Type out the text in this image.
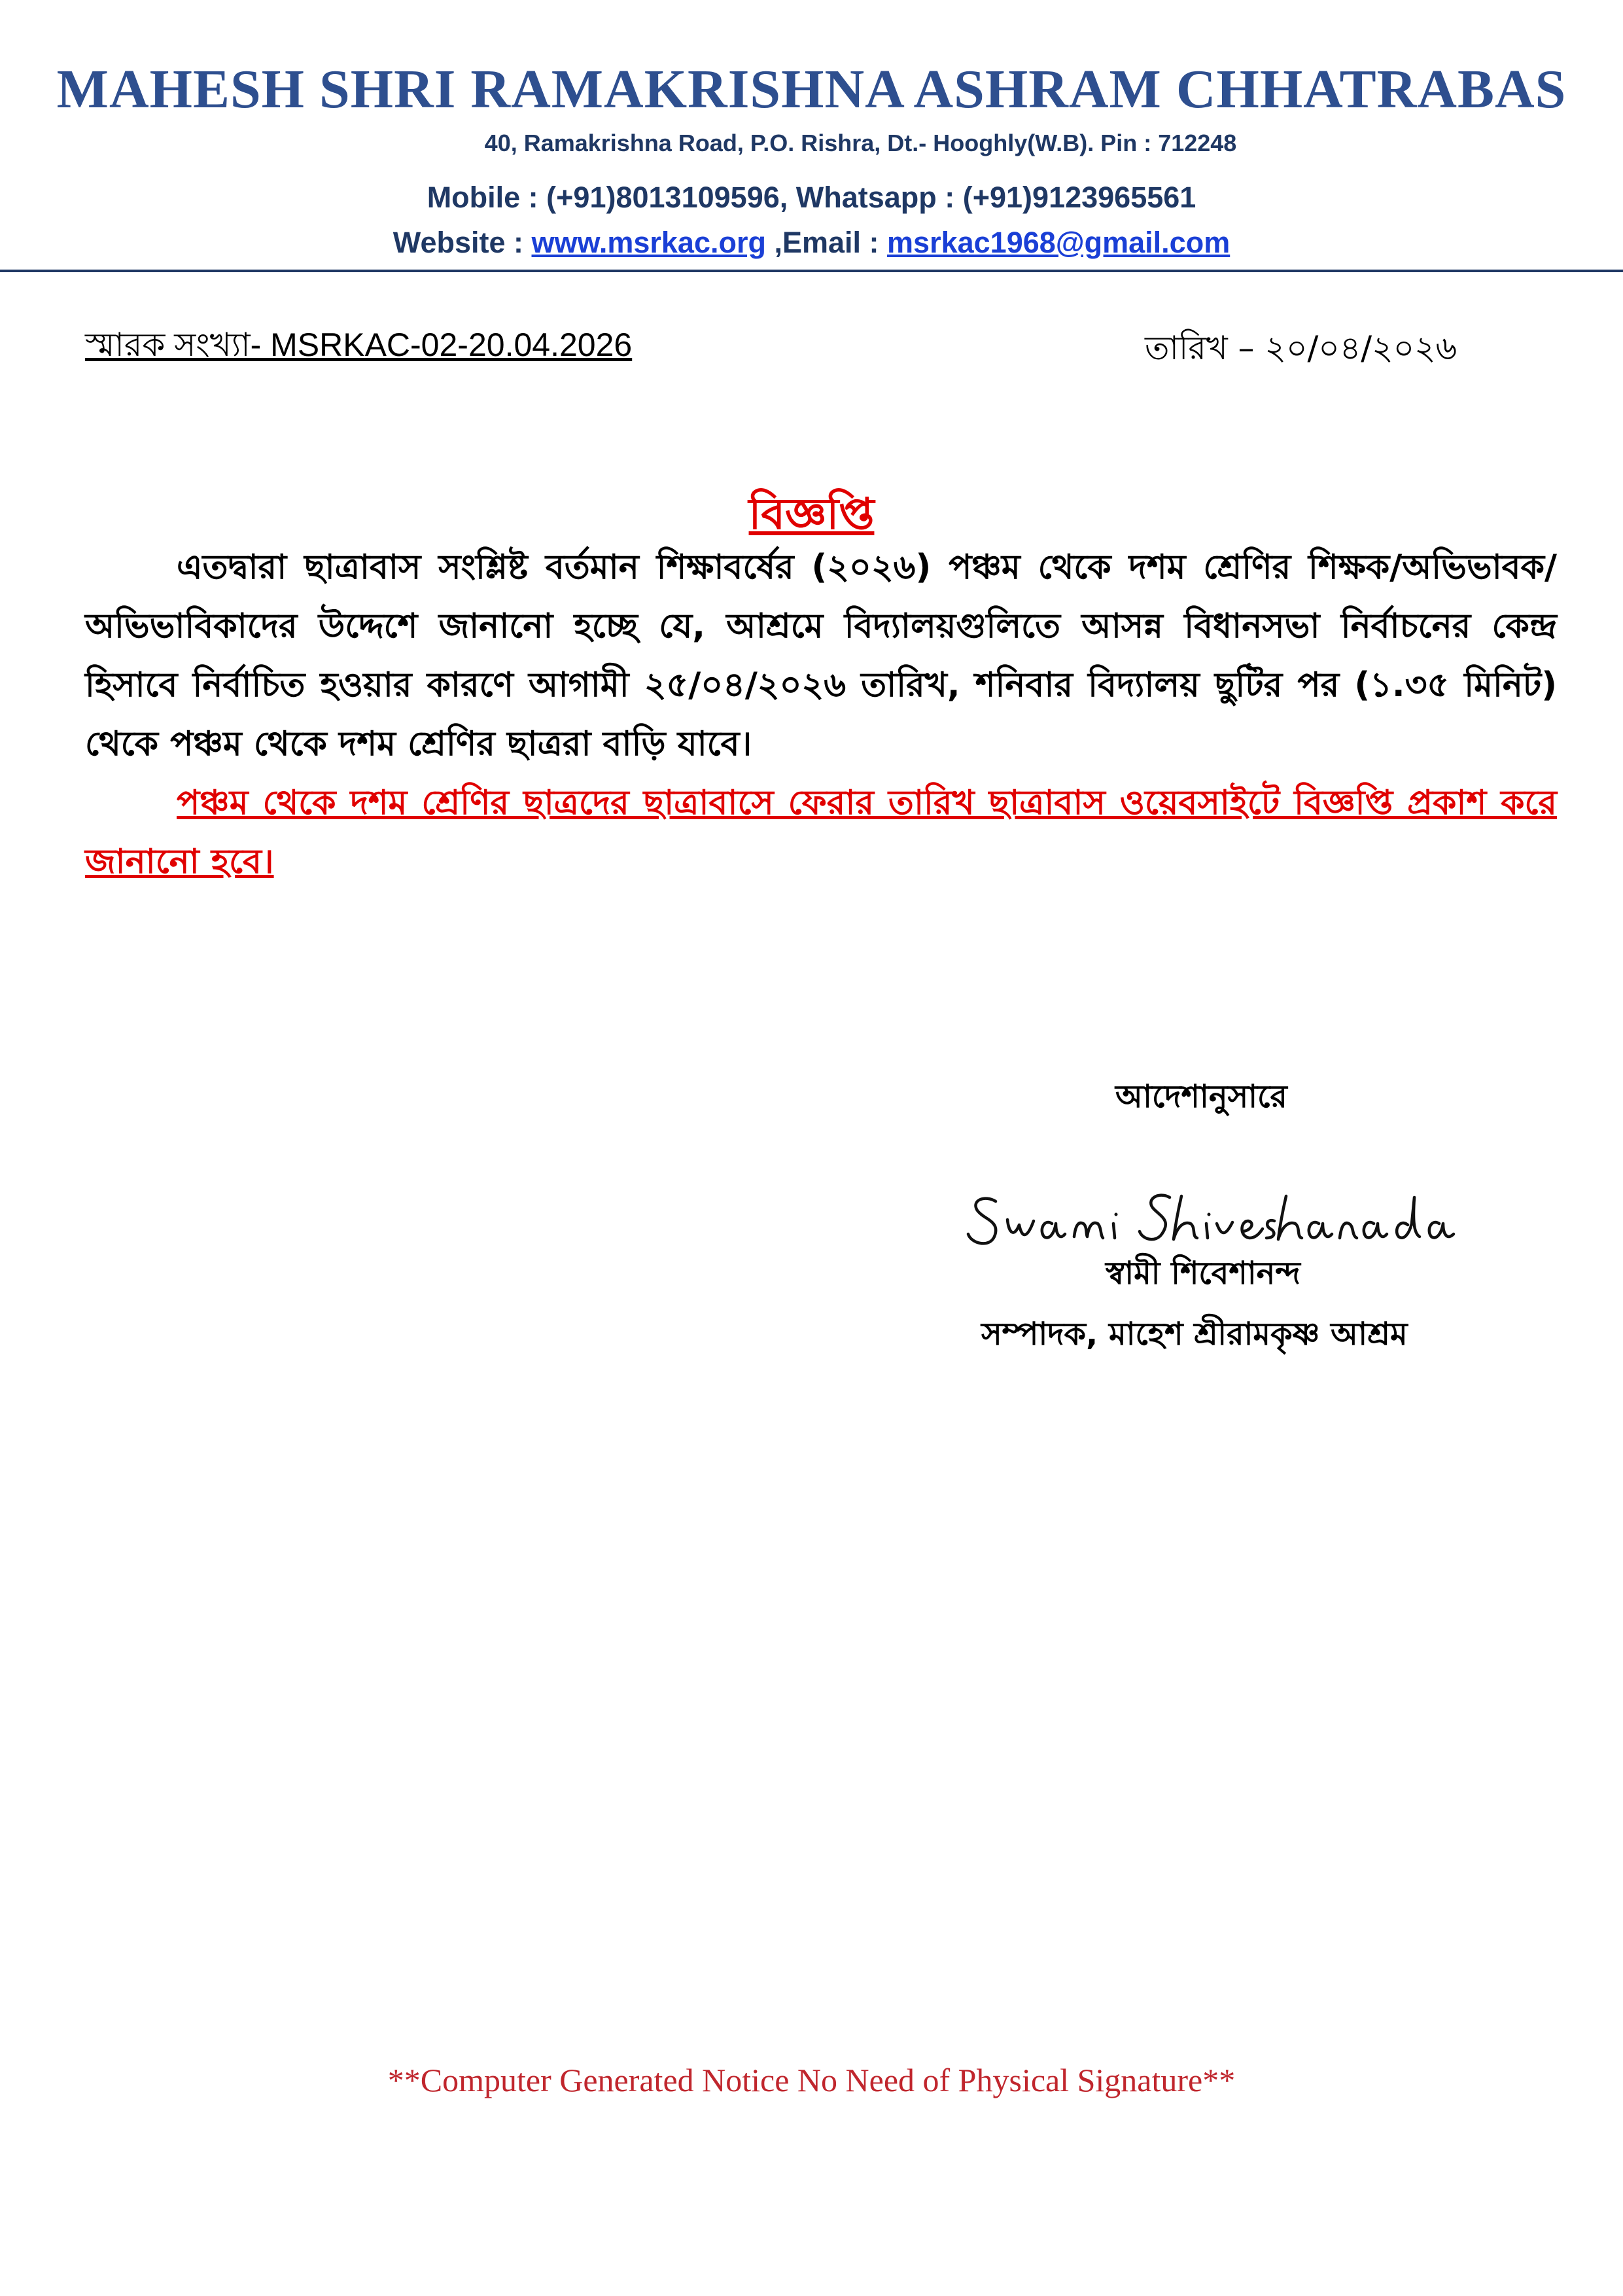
MAHESH SHRI RAMAKRISHNA ASHRAM CHHATRABAS
40, Ramakrishna Road, P.O. Rishra, Dt.- Hooghly(W.B). Pin : 712248
Mobile : (+91)8013109596, Whatsapp : (+91)9123965561
Website : www.msrkac.org ,Email : msrkac1968@gmail.com
স্মারক সংখ্যা- MSRKAC-02-20.04.2026	তারিখ – ২০/০৪/২০২৬
বিজ্ঞপ্তি

এতদ্বারা ছাত্রাবাস সংশ্লিষ্ট বর্তমান শিক্ষাবর্ষের (২০২৬) পঞ্চম থেকে দশম শ্রেণির শিক্ষক/অভিভাবক/অভিভাবিকাদের উদ্দেশে জানানো হচ্ছে যে, আশ্রমে বিদ্যালয়গুলিতে আসন্ন বিধানসভা নির্বাচনের কেন্দ্র হিসাবে নির্বাচিত হওয়ার কারণে আগামী ২৫/০৪/২০২৬ তারিখ, শনিবার বিদ্যালয় ছুটির পর (১.৩৫ মিনিট) থেকে পঞ্চম থেকে দশম শ্রেণির ছাত্ররা বাড়ি যাবে।

পঞ্চম থেকে দশম শ্রেণির ছাত্রদের ছাত্রাবাসে ফেরার তারিখ ছাত্রাবাস ওয়েবসাইটে বিজ্ঞপ্তি প্রকাশ করে জানানো হবে।

আদেশানুসারে
স্বামী শিবেশানন্দ
সম্পাদক, মাহেশ শ্রীরামকৃষ্ণ আশ্রম
**Computer Generated Notice No Need of Physical Signature**
